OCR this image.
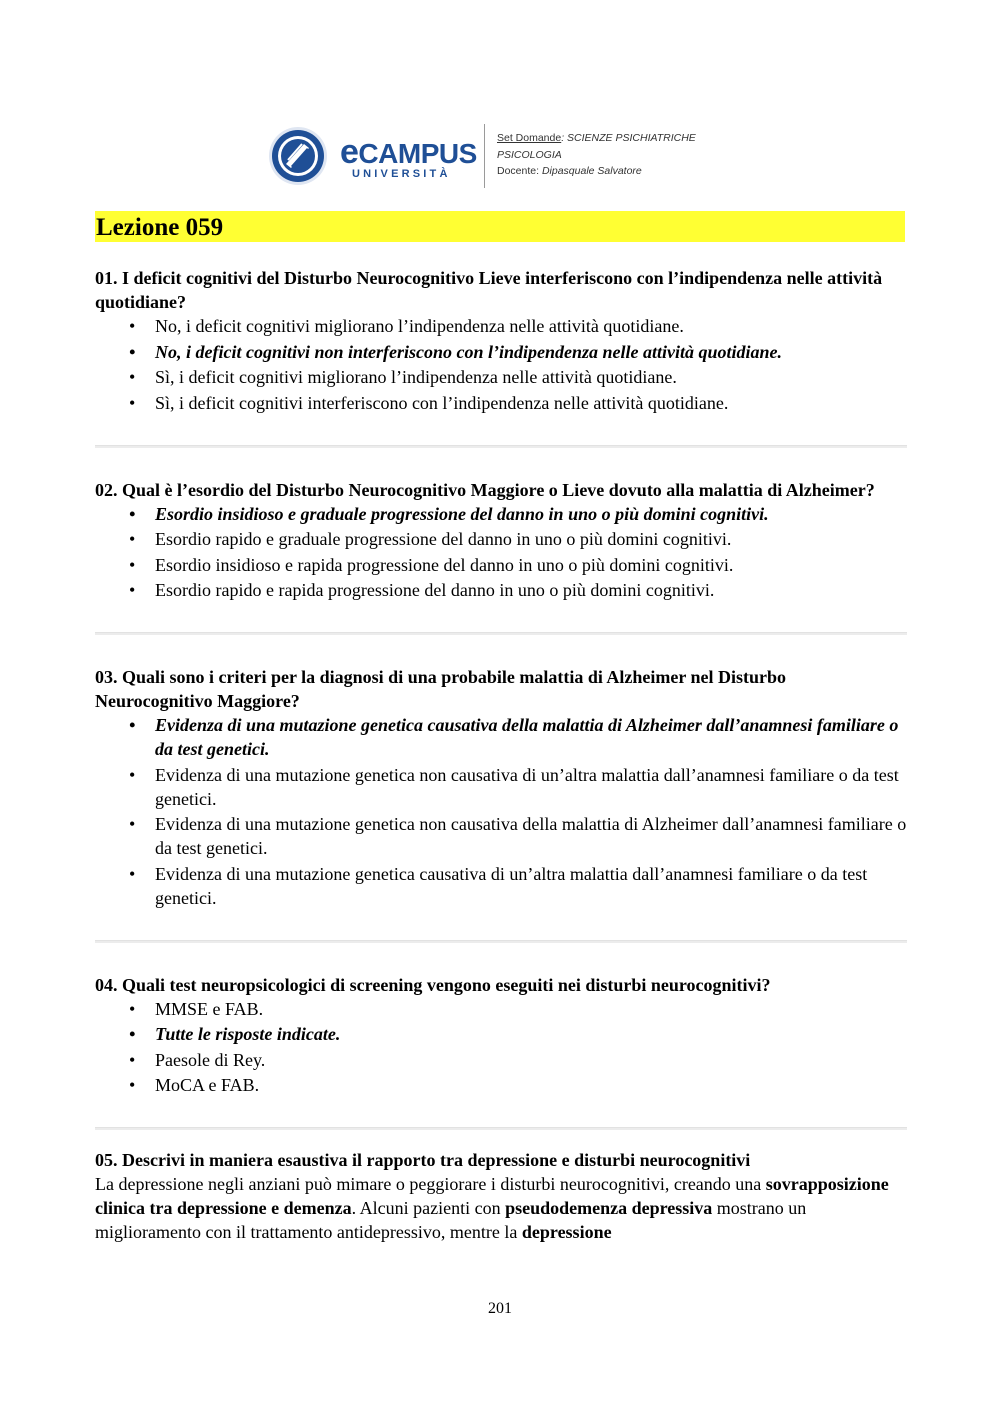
eCAMPUS
UNIVERSITÀ
Set Domande: SCIENZE PSICHIATRICHE
PSICOLOGIA
Docente: Dipasquale Salvatore
Lezione 059

01. I deficit cognitivi del Disturbo Neurocognitivo Lieve interferiscono con l’indipendenza nelle attività quotidiane?

• No, i deficit cognitivi migliorano l’indipendenza nelle attività quotidiane.
• No, i deficit cognitivi non interferiscono con l’indipendenza nelle attività quotidiane.
• Sì, i deficit cognitivi migliorano l’indipendenza nelle attività quotidiane.
• Sì, i deficit cognitivi interferiscono con l’indipendenza nelle attività quotidiane.

02. Qual è l’esordio del Disturbo Neurocognitivo Maggiore o Lieve dovuto alla malattia di Alzheimer?

• Esordio insidioso e graduale progressione del danno in uno o più domini cognitivi.
• Esordio rapido e graduale progressione del danno in uno o più domini cognitivi.
• Esordio insidioso e rapida progressione del danno in uno o più domini cognitivi.
• Esordio rapido e rapida progressione del danno in uno o più domini cognitivi.

03. Quali sono i criteri per la diagnosi di una probabile malattia di Alzheimer nel Disturbo Neurocognitivo Maggiore?

• Evidenza di una mutazione genetica causativa della malattia di Alzheimer dall’anamnesi familiare o da test genetici.
• Evidenza di una mutazione genetica non causativa di un’altra malattia dall’anamnesi familiare o da test genetici.
• Evidenza di una mutazione genetica non causativa della malattia di Alzheimer dall’anamnesi familiare o da test genetici.
• Evidenza di una mutazione genetica causativa di un’altra malattia dall’anamnesi familiare o da test genetici.

04. Quali test neuropsicologici di screening vengono eseguiti nei disturbi neurocognitivi?

• MMSE e FAB.
• Tutte le risposte indicate.
• Paesole di Rey.
• MoCA e FAB.

05. Descrivi in maniera esaustiva il rapporto tra depressione e disturbi neurocognitivi

La depressione negli anziani può mimare o peggiorare i disturbi neurocognitivi, creando una sovrapposizione clinica tra depressione e demenza. Alcuni pazienti con pseudodemenza depressiva mostrano un miglioramento con il trattamento antidepressivo, mentre la depressione

201
